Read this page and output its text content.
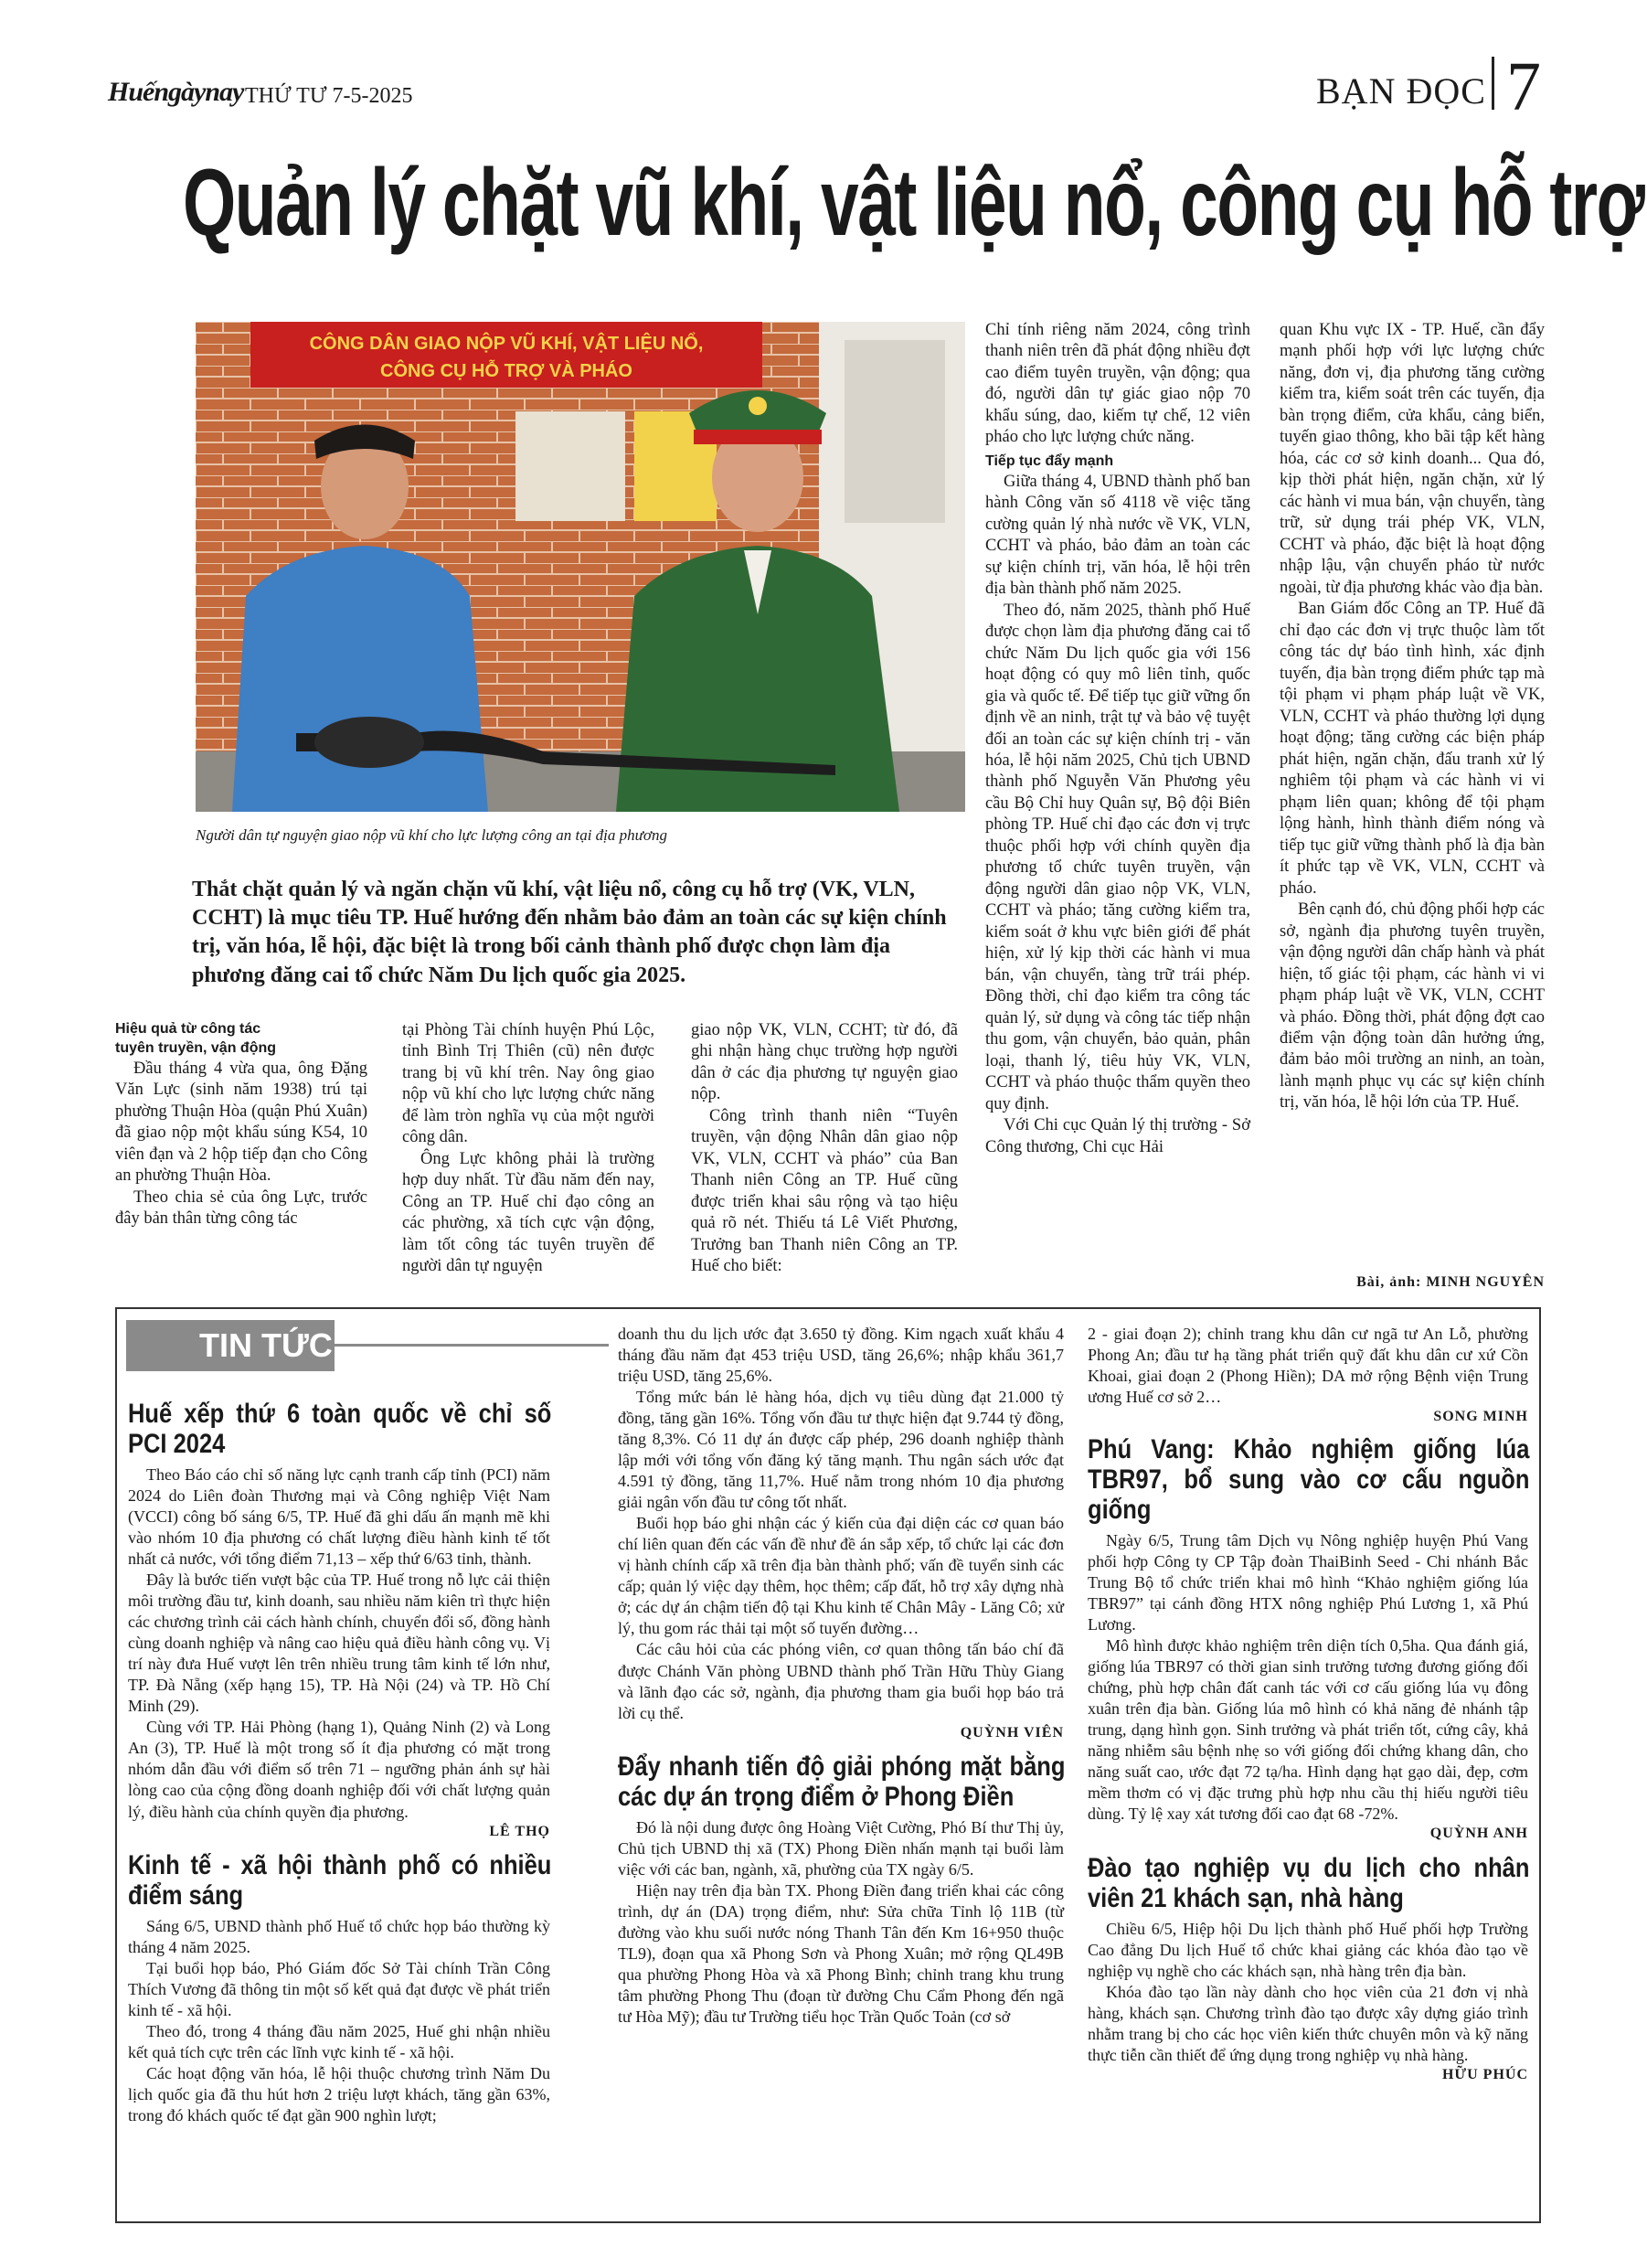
Huếngàynay THỨ TƯ 7-5-2025	BẠN ĐỌC 7
Quản lý chặt vũ khí, vật liệu nổ, công cụ hỗ trợ
CÔNG DÂN GIAO NỘP VŨ KHÍ, VẬT LIỆU NỔ,
CÔNG CỤ HỖ TRỢ VÀ PHÁO
Người dân tự nguyện giao nộp vũ khí cho lực lượng công an tại địa phương
Thắt chặt quản lý và ngăn chặn vũ khí, vật liệu nổ, công cụ hỗ trợ (VK, VLN, CCHT) là mục tiêu TP. Huế hướng đến nhằm bảo đảm an toàn các sự kiện chính trị, văn hóa, lễ hội, đặc biệt là trong bối cảnh thành phố được chọn làm địa phương đăng cai tổ chức Năm Du lịch quốc gia 2025.
Hiệu quả từ công tác
tuyên truyền, vận động

Đầu tháng 4 vừa qua, ông Đặng Văn Lực (sinh năm 1938) trú tại phường Thuận Hòa (quận Phú Xuân) đã giao nộp một khẩu súng K54, 10 viên đạn và 2 hộp tiếp đạn cho Công an phường Thuận Hòa.

Theo chia sẻ của ông Lực, trước đây bản thân từng công tác

tại Phòng Tài chính huyện Phú Lộc, tỉnh Bình Trị Thiên (cũ) nên được trang bị vũ khí trên. Nay ông giao nộp vũ khí cho lực lượng chức năng để làm tròn nghĩa vụ của một người công dân.

Ông Lực không phải là trường hợp duy nhất. Từ đầu năm đến nay, Công an TP. Huế chỉ đạo công an các phường, xã tích cực vận động, làm tốt công tác tuyên truyền để người dân tự nguyện

giao nộp VK, VLN, CCHT; từ đó, đã ghi nhận hàng chục trường hợp người dân ở các địa phương tự nguyện giao nộp.

Công trình thanh niên “Tuyên truyền, vận động Nhân dân giao nộp VK, VLN, CCHT và pháo” của Ban Thanh niên Công an TP. Huế cũng được triển khai sâu rộng và tạo hiệu quả rõ nét. Thiếu tá Lê Viết Phương, Trưởng ban Thanh niên Công an TP. Huế cho biết:

Chỉ tính riêng năm 2024, công trình thanh niên trên đã phát động nhiều đợt cao điểm tuyên truyền, vận động; qua đó, người dân tự giác giao nộp 70 khẩu súng, dao, kiếm tự chế, 12 viên pháo cho lực lượng chức năng.

Tiếp tục đẩy mạnh

Giữa tháng 4, UBND thành phố ban hành Công văn số 4118 về việc tăng cường quản lý nhà nước về VK, VLN, CCHT và pháo, bảo đảm an toàn các sự kiện chính trị, văn hóa, lễ hội trên địa bàn thành phố năm 2025.

Theo đó, năm 2025, thành phố Huế được chọn làm địa phương đăng cai tổ chức Năm Du lịch quốc gia với 156 hoạt động có quy mô liên tỉnh, quốc gia và quốc tế. Để tiếp tục giữ vững ổn định về an ninh, trật tự và bảo vệ tuyệt đối an toàn các sự kiện chính trị - văn hóa, lễ hội năm 2025, Chủ tịch UBND thành phố Nguyễn Văn Phương yêu cầu Bộ Chỉ huy Quân sự, Bộ đội Biên phòng TP. Huế chỉ đạo các đơn vị trực thuộc phối hợp với chính quyền địa phương tổ chức tuyên truyền, vận động người dân giao nộp VK, VLN, CCHT và pháo; tăng cường kiểm tra, kiểm soát ở khu vực biên giới để phát hiện, xử lý kịp thời các hành vi mua bán, vận chuyển, tàng trữ trái phép. Đồng thời, chỉ đạo kiểm tra công tác quản lý, sử dụng và công tác tiếp nhận thu gom, vận chuyển, bảo quản, phân loại, thanh lý, tiêu hủy VK, VLN, CCHT và pháo thuộc thẩm quyền theo quy định.

Với Chi cục Quản lý thị trường - Sở Công thương, Chi cục Hải

quan Khu vực IX - TP. Huế, cần đẩy mạnh phối hợp với lực lượng chức năng, đơn vị, địa phương tăng cường kiểm tra, kiểm soát trên các tuyến, địa bàn trọng điểm, cửa khẩu, cảng biển, tuyến giao thông, kho bãi tập kết hàng hóa, các cơ sở kinh doanh... Qua đó, kịp thời phát hiện, ngăn chặn, xử lý các hành vi mua bán, vận chuyển, tàng trữ, sử dụng trái phép VK, VLN, CCHT và pháo, đặc biệt là hoạt động nhập lậu, vận chuyển pháo từ nước ngoài, từ địa phương khác vào địa bàn.

Ban Giám đốc Công an TP. Huế đã chỉ đạo các đơn vị trực thuộc làm tốt công tác dự báo tình hình, xác định tuyến, địa bàn trọng điểm phức tạp mà tội phạm vi phạm pháp luật về VK, VLN, CCHT và pháo thường lợi dụng hoạt động; tăng cường các biện pháp phát hiện, ngăn chặn, đấu tranh xử lý nghiêm tội phạm và các hành vi vi phạm liên quan; không để tội phạm lộng hành, hình thành điểm nóng và tiếp tục giữ vững thành phố là địa bàn ít phức tạp về VK, VLN, CCHT và pháo.

Bên cạnh đó, chủ động phối hợp các sở, ngành địa phương tuyên truyền, vận động người dân chấp hành và phát hiện, tố giác tội phạm, các hành vi vi phạm pháp luật về VK, VLN, CCHT và pháo. Đồng thời, phát động đợt cao điểm vận động toàn dân hưởng ứng, đảm bảo môi trường an ninh, an toàn, lành mạnh phục vụ các sự kiện chính trị, văn hóa, lễ hội lớn của TP. Huế.

Bài, ảnh: MINH NGUYÊN
TIN TỨC
Huế xếp thứ 6 toàn quốc về chỉ số PCI 2024

Theo Báo cáo chỉ số năng lực cạnh tranh cấp tỉnh (PCI) năm 2024 do Liên đoàn Thương mại và Công nghiệp Việt Nam (VCCI) công bố sáng 6/5, TP. Huế đã ghi dấu ấn mạnh mẽ khi vào nhóm 10 địa phương có chất lượng điều hành kinh tế tốt nhất cả nước, với tổng điểm 71,13 – xếp thứ 6/63 tỉnh, thành.

Đây là bước tiến vượt bậc của TP. Huế trong nỗ lực cải thiện môi trường đầu tư, kinh doanh, sau nhiều năm kiên trì thực hiện các chương trình cải cách hành chính, chuyển đổi số, đồng hành cùng doanh nghiệp và nâng cao hiệu quả điều hành công vụ. Vị trí này đưa Huế vượt lên trên nhiều trung tâm kinh tế lớn như, TP. Đà Nẵng (xếp hạng 15), TP. Hà Nội (24) và TP. Hồ Chí Minh (29).

Cùng với TP. Hải Phòng (hạng 1), Quảng Ninh (2) và Long An (3), TP. Huế là một trong số ít địa phương có mặt trong nhóm dẫn đầu với điểm số trên 71 – ngưỡng phản ánh sự hài lòng cao của cộng đồng doanh nghiệp đối với chất lượng quản lý, điều hành của chính quyền địa phương.

LÊ THỌ
Kinh tế - xã hội thành phố có nhiều điểm sáng

Sáng 6/5, UBND thành phố Huế tổ chức họp báo thường kỳ tháng 4 năm 2025.

Tại buổi họp báo, Phó Giám đốc Sở Tài chính Trần Công Thích Vương đã thông tin một số kết quả đạt được về phát triển kinh tế - xã hội.

Theo đó, trong 4 tháng đầu năm 2025, Huế ghi nhận nhiều kết quả tích cực trên các lĩnh vực kinh tế - xã hội.

Các hoạt động văn hóa, lễ hội thuộc chương trình Năm Du lịch quốc gia đã thu hút hơn 2 triệu lượt khách, tăng gần 63%, trong đó khách quốc tế đạt gần 900 nghìn lượt;

doanh thu du lịch ước đạt 3.650 tỷ đồng. Kim ngạch xuất khẩu 4 tháng đầu năm đạt 453 triệu USD, tăng 26,6%; nhập khẩu 361,7 triệu USD, tăng 25,6%.

Tổng mức bán lẻ hàng hóa, dịch vụ tiêu dùng đạt 21.000 tỷ đồng, tăng gần 16%. Tổng vốn đầu tư thực hiện đạt 9.744 tỷ đồng, tăng 8,3%. Có 11 dự án được cấp phép, 296 doanh nghiệp thành lập mới với tổng vốn đăng ký tăng mạnh. Thu ngân sách ước đạt 4.591 tỷ đồng, tăng 11,7%. Huế nằm trong nhóm 10 địa phương giải ngân vốn đầu tư công tốt nhất.

Buổi họp báo ghi nhận các ý kiến của đại diện các cơ quan báo chí liên quan đến các vấn đề như đề án sắp xếp, tổ chức lại các đơn vị hành chính cấp xã trên địa bàn thành phố; vấn đề tuyển sinh các cấp; quản lý việc dạy thêm, học thêm; cấp đất, hỗ trợ xây dựng nhà ở; các dự án chậm tiến độ tại Khu kinh tế Chân Mây - Lăng Cô; xử lý, thu gom rác thải tại một số tuyến đường…

Các câu hỏi của các phóng viên, cơ quan thông tấn báo chí đã được Chánh Văn phòng UBND thành phố Trần Hữu Thùy Giang và lãnh đạo các sở, ngành, địa phương tham gia buổi họp báo trả lời cụ thể.

QUỲNH VIÊN
Đẩy nhanh tiến độ giải phóng mặt bằng các dự án trọng điểm ở Phong Điền

Đó là nội dung được ông Hoàng Việt Cường, Phó Bí thư Thị ủy, Chủ tịch UBND thị xã (TX) Phong Điền nhấn mạnh tại buổi làm việc với các ban, ngành, xã, phường của TX ngày 6/5.

Hiện nay trên địa bàn TX. Phong Điền đang triển khai các công trình, dự án (DA) trọng điểm, như: Sửa chữa Tỉnh lộ 11B (từ đường vào khu suối nước nóng Thanh Tân đến Km 16+950 thuộc TL9), đoạn qua xã Phong Sơn và Phong Xuân; mở rộng QL49B qua phường Phong Hòa và xã Phong Bình; chỉnh trang khu trung tâm phường Phong Thu (đoạn từ đường Chu Cẩm Phong đến ngã tư Hòa Mỹ); đầu tư Trường tiểu học Trần Quốc Toản (cơ sở

2 - giai đoạn 2); chỉnh trang khu dân cư ngã tư An Lỗ, phường Phong An; đầu tư hạ tầng phát triển quỹ đất khu dân cư xứ Cồn Khoai, giai đoạn 2 (Phong Hiền); DA mở rộng Bệnh viện Trung ương Huế cơ sở 2…

SONG MINH
Phú Vang: Khảo nghiệm giống lúa TBR97, bổ sung vào cơ cấu nguồn giống

Ngày 6/5, Trung tâm Dịch vụ Nông nghiệp huyện Phú Vang phối hợp Công ty CP Tập đoàn ThaiBinh Seed - Chi nhánh Bắc Trung Bộ tổ chức triển khai mô hình “Khảo nghiệm giống lúa TBR97” tại cánh đồng HTX nông nghiệp Phú Lương 1, xã Phú Lương.

Mô hình được khảo nghiệm trên diện tích 0,5ha. Qua đánh giá, giống lúa TBR97 có thời gian sinh trưởng tương đương giống đối chứng, phù hợp chân đất canh tác với cơ cấu giống lúa vụ đông xuân trên địa bàn. Giống lúa mô hình có khả năng đẻ nhánh tập trung, dạng hình gọn. Sinh trưởng và phát triển tốt, cứng cây, khả năng nhiễm sâu bệnh nhẹ so với giống đối chứng khang dân, cho năng suất cao, ước đạt 72 tạ/ha. Hình dạng hạt gạo dài, đẹp, cơm mềm thơm có vị đặc trưng phù hợp nhu cầu thị hiếu người tiêu dùng. Tỷ lệ xay xát tương đối cao đạt 68 -72%.

QUỲNH ANH
Đào tạo nghiệp vụ du lịch cho nhân viên 21 khách sạn, nhà hàng

Chiều 6/5, Hiệp hội Du lịch thành phố Huế phối hợp Trường Cao đẳng Du lịch Huế tổ chức khai giảng các khóa đào tạo về nghiệp vụ nghề cho các khách sạn, nhà hàng trên địa bàn.

Khóa đào tạo lần này dành cho học viên của 21 đơn vị nhà hàng, khách sạn. Chương trình đào tạo được xây dựng giáo trình nhằm trang bị cho các học viên kiến thức chuyên môn và kỹ năng thực tiễn cần thiết để ứng dụng trong nghiệp vụ nhà hàng.

HỮU PHÚC
